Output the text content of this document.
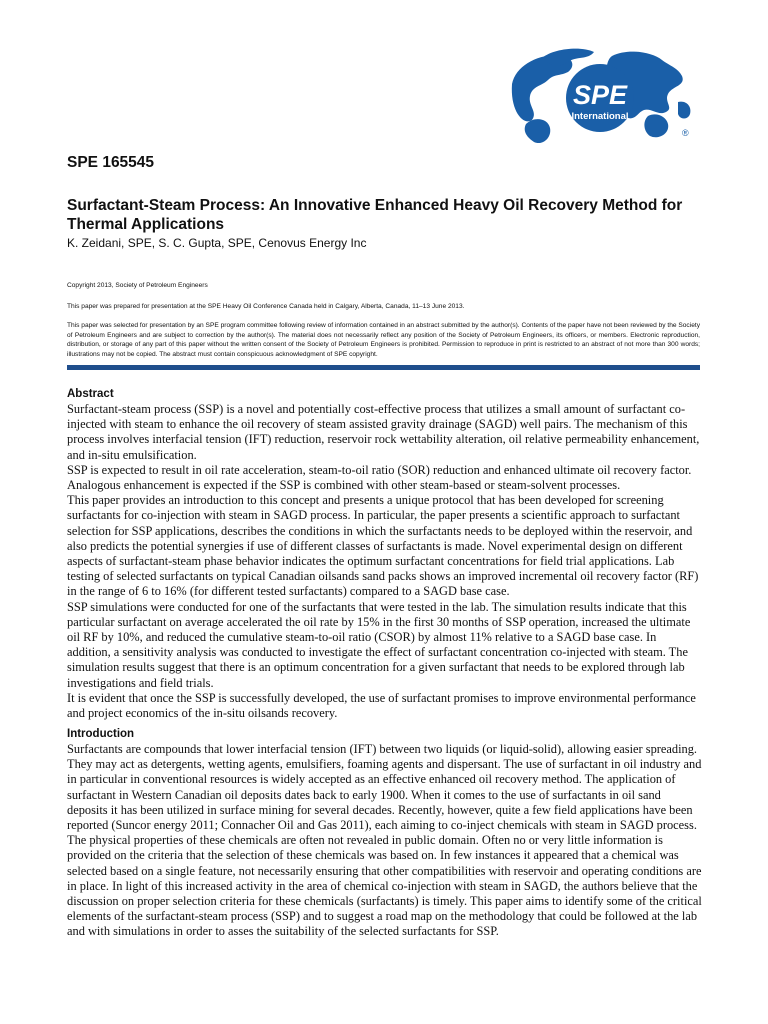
SPE
International
®
SPE 165545
Surfactant-Steam Process: An Innovative Enhanced Heavy Oil Recovery Method for Thermal Applications

K. Zeidani, SPE, S. C. Gupta, SPE, Cenovus Energy Inc

Copyright 2013, Society of Petroleum Engineers

This paper was prepared for presentation at the SPE Heavy Oil Conference Canada held in Calgary, Alberta, Canada, 11–13 June 2013.

This paper was selected for presentation by an SPE program committee following review of information contained in an abstract submitted by the author(s). Contents of the paper have not been reviewed by the Society of Petroleum Engineers and are subject to correction by the author(s). The material does not necessarily reflect any position of the Society of Petroleum Engineers, its officers, or members. Electronic reproduction, distribution, or storage of any part of this paper without the written consent of the Society of Petroleum Engineers is prohibited. Permission to reproduce in print is restricted to an abstract of not more than 300 words; illustrations may not be copied. The abstract must contain conspicuous acknowledgment of SPE copyright.

Abstract

Surfactant-steam process (SSP) is a novel and potentially cost-effective process that utilizes a small amount of surfactant co-injected with steam to enhance the oil recovery of steam assisted gravity drainage (SAGD) well pairs. The mechanism of this process involves interfacial tension (IFT) reduction, reservoir rock wettability alteration, oil relative permeability enhancement, and in-situ emulsification.

SSP is expected to result in oil rate acceleration, steam-to-oil ratio (SOR) reduction and enhanced ultimate oil recovery factor. Analogous enhancement is expected if the SSP is combined with other steam-based or steam-solvent processes.

This paper provides an introduction to this concept and presents a unique protocol that has been developed for screening surfactants for co-injection with steam in SAGD process. In particular, the paper presents a scientific approach to surfactant selection for SSP applications, describes the conditions in which the surfactants needs to be deployed within the reservoir, and also predicts the potential synergies if use of different classes of surfactants is made. Novel experimental design on different aspects of surfactant-steam phase behavior indicates the optimum surfactant concentrations for field trial applications. Lab testing of selected surfactants on typical Canadian oilsands sand packs shows an improved incremental oil recovery factor (RF) in the range of 6 to 16% (for different tested surfactants) compared to a SAGD base case.

SSP simulations were conducted for one of the surfactants that were tested in the lab. The simulation results indicate that this particular surfactant on average accelerated the oil rate by 15% in the first 30 months of SSP operation, increased the ultimate oil RF by 10%, and reduced the cumulative steam-to-oil ratio (CSOR) by almost 11% relative to a SAGD base case. In addition, a sensitivity analysis was conducted to investigate the effect of surfactant concentration co-injected with steam. The simulation results suggest that there is an optimum concentration for a given surfactant that needs to be explored through lab investigations and field trials.

It is evident that once the SSP is successfully developed, the use of surfactant promises to improve environmental performance and project economics of the in-situ oilsands recovery.

Introduction

Surfactants are compounds that lower interfacial tension (IFT) between two liquids (or liquid-solid), allowing easier spreading. They may act as detergents, wetting agents, emulsifiers, foaming agents and dispersant. The use of surfactant in oil industry and in particular in conventional resources is widely accepted as an effective enhanced oil recovery method. The application of surfactant in Western Canadian oil deposits dates back to early 1900. When it comes to the use of surfactants in oil sand deposits it has been utilized in surface mining for several decades. Recently, however, quite a few field applications have been reported (Suncor energy 2011; Connacher Oil and Gas 2011), each aiming to co-inject chemicals with steam in SAGD process. The physical properties of these chemicals are often not revealed in public domain. Often no or very little information is provided on the criteria that the selection of these chemicals was based on. In few instances it appeared that a chemical was selected based on a single feature, not necessarily ensuring that other compatibilities with reservoir and operating conditions are in place. In light of this increased activity in the area of chemical co-injection with steam in SAGD, the authors believe that the discussion on proper selection criteria for these chemicals (surfactants) is timely. This paper aims to identify some of the critical elements of the surfactant-steam process (SSP) and to suggest a road map on the methodology that could be followed at the lab and with simulations in order to asses the suitability of the selected surfactants for SSP.
